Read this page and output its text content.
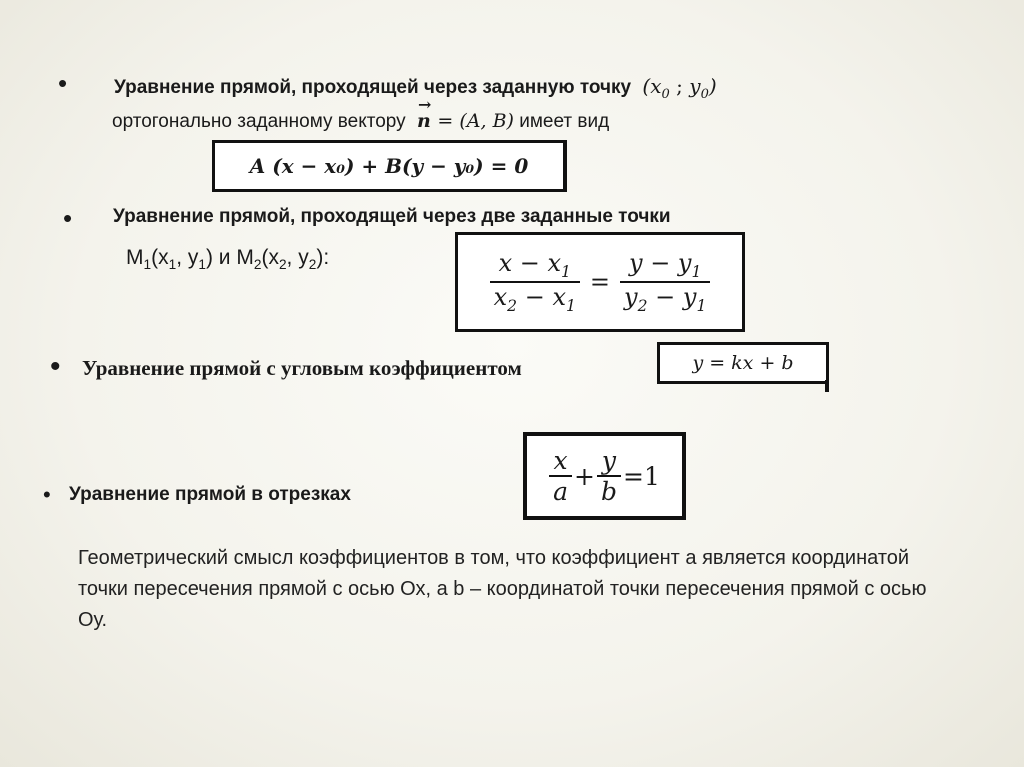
• Уравнение прямой, проходящей через заданную точку ($x_0$ ; $y_0$)
ортогонально заданному вектору
→
n = (A, B) имеет вид
A (x − x₀) + B(y − y₀) = 0
• Уравнение прямой, проходящей через две заданные точки
$M_1(x_1$, $y_1$) и $M_2(x_2$, $y_2$):	$\frac{x - x_1}{x_2 - x_1} = \frac{y - y_1}{y_2 - y_1}$
• Уравнение прямой с угловым коэффициентом	y = kx + b
• Уравнение прямой в отрезках	$\frac{x}{a} + \frac{y}{b} =1$
Геометрический смысл коэффициентов в том, что коэффициент а является координатой точки пересечения прямой с осью Ох, а b – координатой точки пересечения прямой с осью Оу.
